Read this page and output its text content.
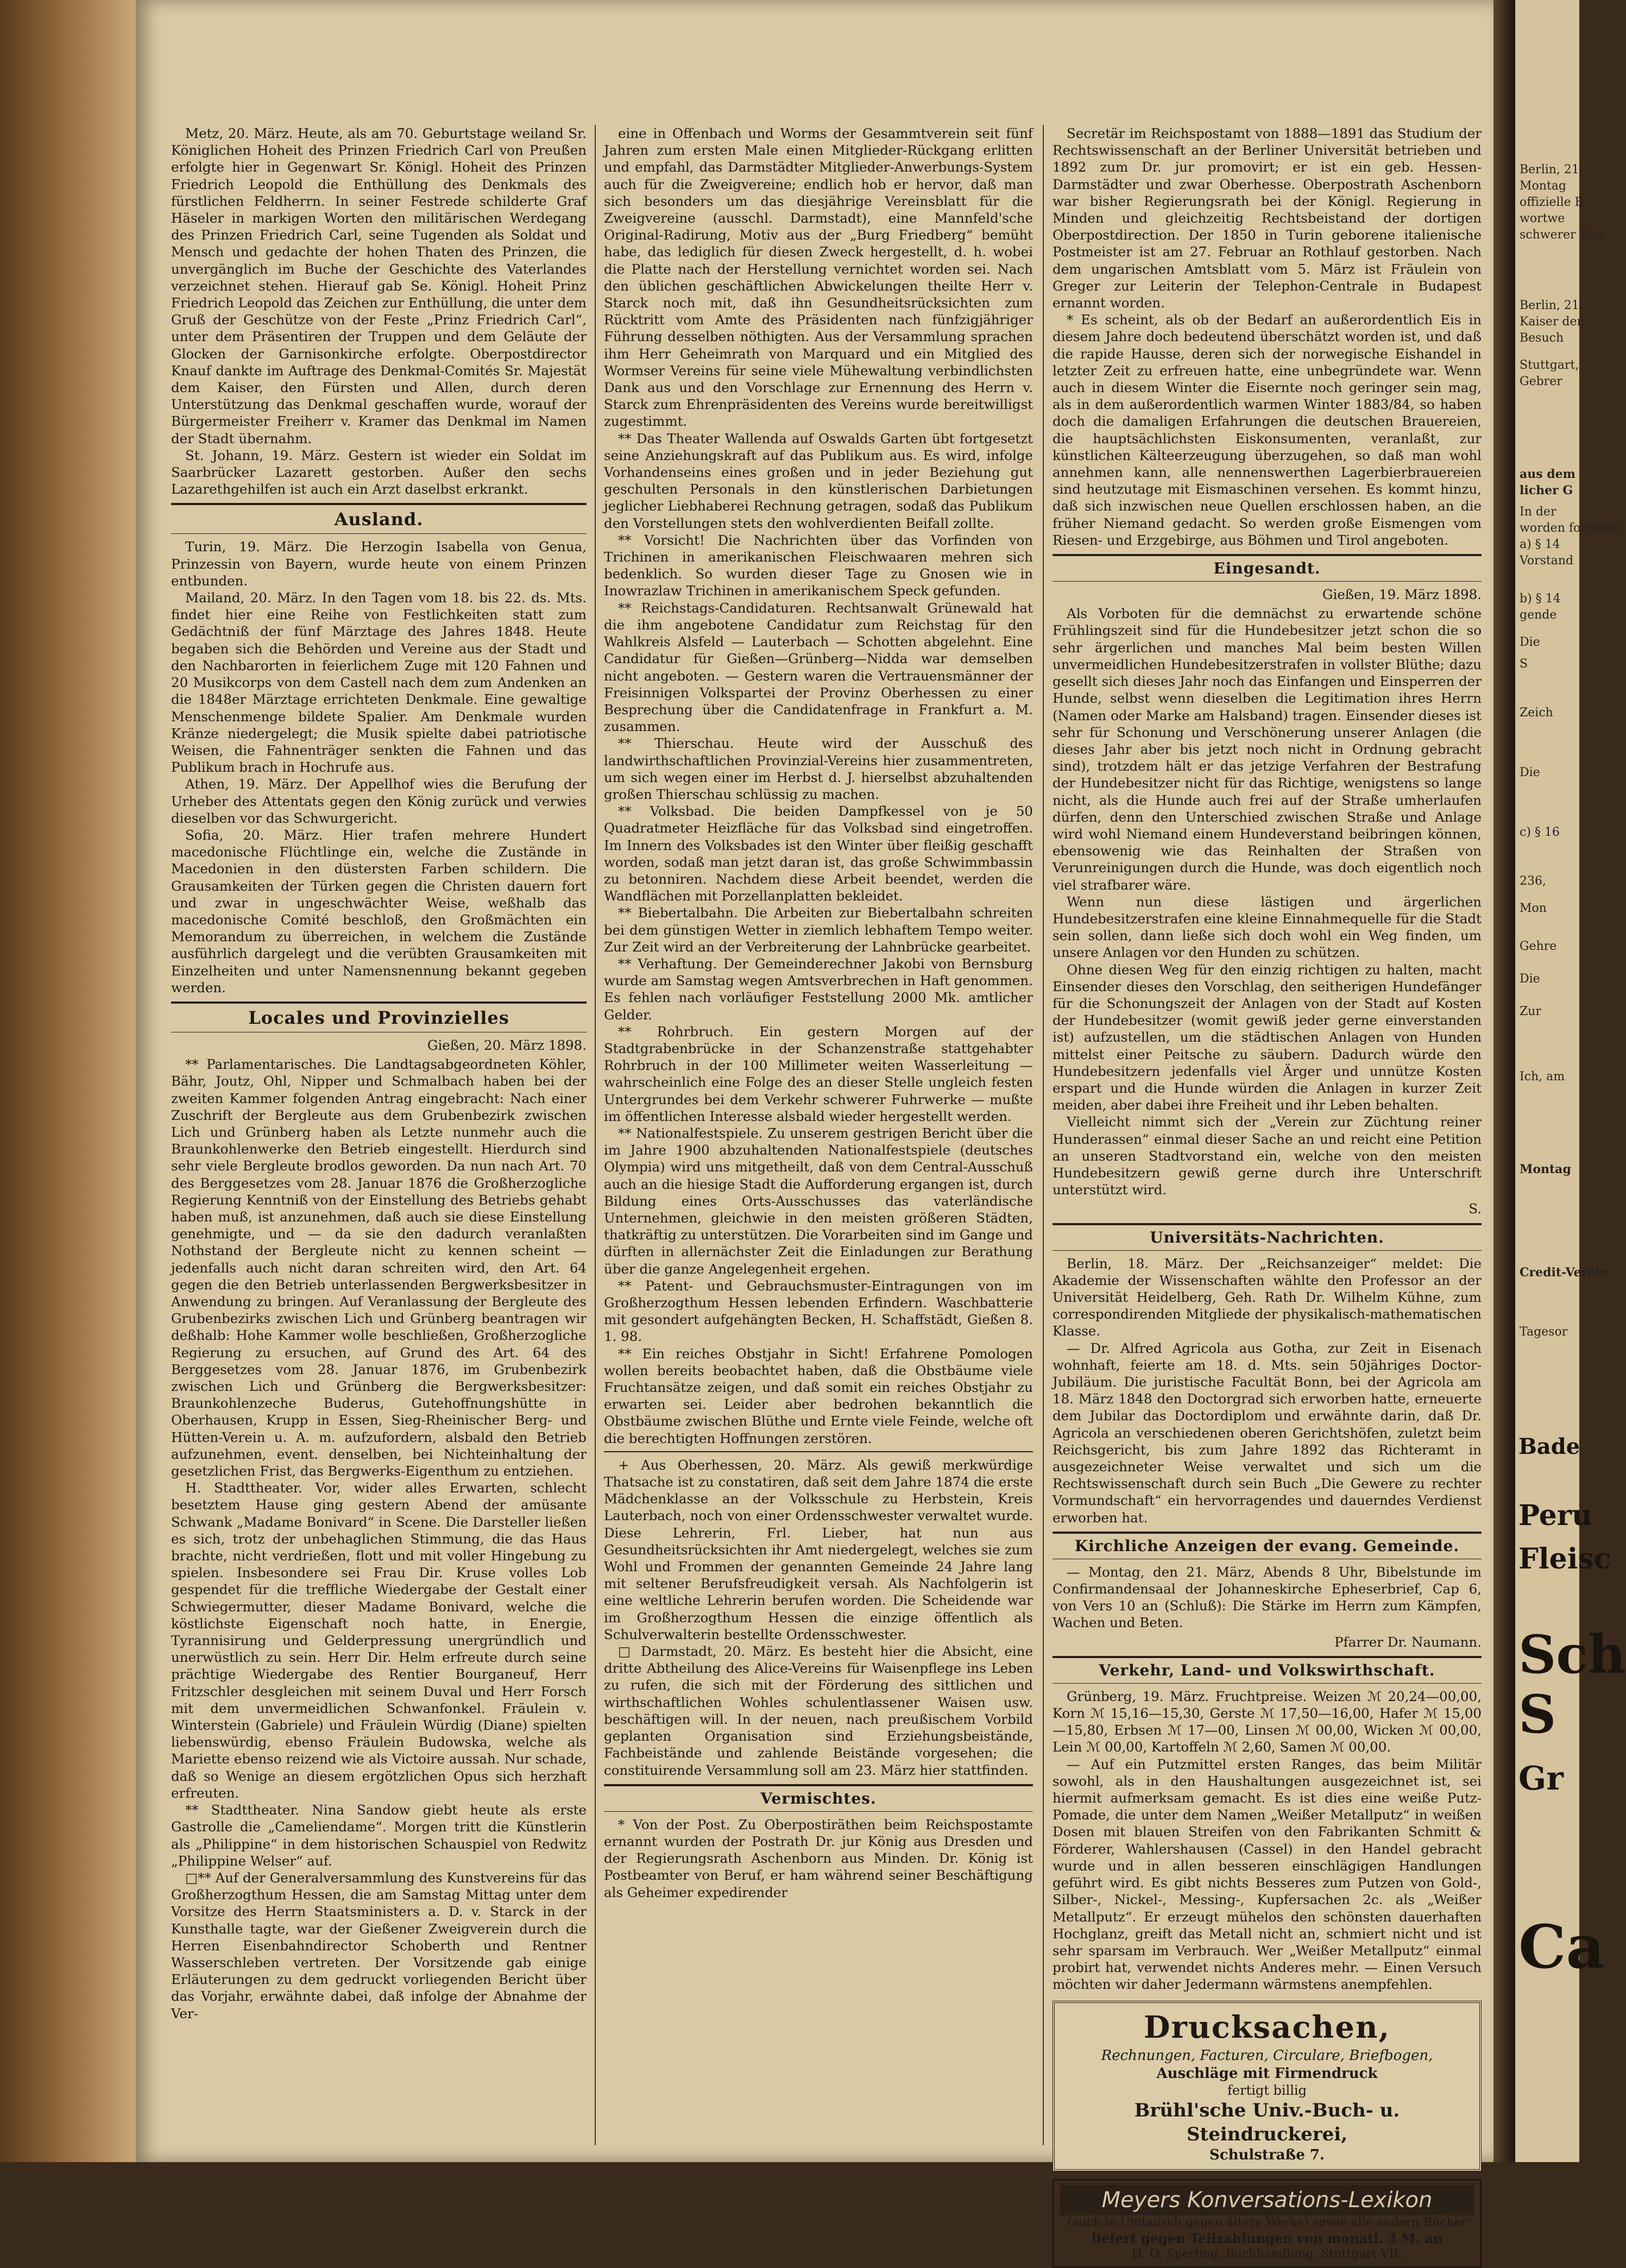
Metz, 20. März. Heute, als am 70. Geburtstage weiland Sr. Königlichen Hoheit des Prinzen Friedrich Carl von Preußen erfolgte hier in Gegenwart Sr. Königl. Hoheit des Prinzen Friedrich Leopold die Enthüllung des Denkmals des fürstlichen Feldherrn. In seiner Festrede schilderte Graf Häseler in markigen Worten den militärischen Werdegang des Prinzen Friedrich Carl, seine Tugenden als Soldat und Mensch und gedachte der hohen Thaten des Prinzen, die unvergänglich im Buche der Geschichte des Vaterlandes verzeichnet stehen. Hierauf gab Se. Königl. Hoheit Prinz Friedrich Leopold das Zeichen zur Enthüllung, die unter dem Gruß der Geschütze von der Feste „Prinz Friedrich Carl“, unter dem Präsentiren der Truppen und dem Geläute der Glocken der Garnisonkirche erfolgte. Oberpostdirector Knauf dankte im Auftrage des Denkmal-Comités Sr. Majestät dem Kaiser, den Fürsten und Allen, durch deren Unterstützung das Denkmal geschaffen wurde, worauf der Bürgermeister Freiherr v. Kramer das Denkmal im Namen der Stadt übernahm.

St. Johann, 19. März. Gestern ist wieder ein Soldat im Saarbrücker Lazarett gestorben. Außer den sechs Lazarethgehilfen ist auch ein Arzt daselbst erkrankt.

Ausland.

Turin, 19. März. Die Herzogin Isabella von Genua, Prinzessin von Bayern, wurde heute von einem Prinzen entbunden.

Mailand, 20. März. In den Tagen vom 18. bis 22. ds. Mts. findet hier eine Reihe von Festlichkeiten statt zum Gedächtniß der fünf Märztage des Jahres 1848. Heute begaben sich die Behörden und Vereine aus der Stadt und den Nachbarorten in feierlichem Zuge mit 120 Fahnen und 20 Musikcorps von dem Castell nach dem zum Andenken an die 1848er Märztage errichteten Denkmale. Eine gewaltige Menschenmenge bildete Spalier. Am Denkmale wurden Kränze niedergelegt; die Musik spielte dabei patriotische Weisen, die Fahnenträger senkten die Fahnen und das Publikum brach in Hochrufe aus.

Athen, 19. März. Der Appellhof wies die Berufung der Urheber des Attentats gegen den König zurück und verwies dieselben vor das Schwurgericht.

Sofia, 20. März. Hier trafen mehrere Hundert macedonische Flüchtlinge ein, welche die Zustände in Macedonien in den düstersten Farben schildern. Die Grausamkeiten der Türken gegen die Christen dauern fort und zwar in ungeschwächter Weise, weßhalb das macedonische Comité beschloß, den Großmächten ein Memorandum zu überreichen, in welchem die Zustände ausführlich dargelegt und die verübten Grausamkeiten mit Einzelheiten und unter Namensnennung bekannt gegeben werden.

Locales und Provinzielles
Gießen, 20. März 1898.

** Parlamentarisches. Die Landtagsabgeordneten Köhler, Bähr, Joutz, Ohl, Nipper und Schmalbach haben bei der zweiten Kammer folgenden Antrag eingebracht: Nach einer Zuschrift der Bergleute aus dem Grubenbezirk zwischen Lich und Grünberg haben als Letzte nunmehr auch die Braunkohlenwerke den Betrieb eingestellt. Hierdurch sind sehr viele Bergleute brodlos geworden. Da nun nach Art. 70 des Berggesetzes vom 28. Januar 1876 die Großherzogliche Regierung Kenntniß von der Einstellung des Betriebs gehabt haben muß, ist anzunehmen, daß auch sie diese Einstellung genehmigte, und — da sie den dadurch veranlaßten Nothstand der Bergleute nicht zu kennen scheint — jedenfalls auch nicht daran schreiten wird, den Art. 64 gegen die den Betrieb unterlassenden Bergwerksbesitzer in Anwendung zu bringen. Auf Veranlassung der Bergleute des Grubenbezirks zwischen Lich und Grünberg beantragen wir deßhalb: Hohe Kammer wolle beschließen, Großherzogliche Regierung zu ersuchen, auf Grund des Art. 64 des Berggesetzes vom 28. Januar 1876, im Grubenbezirk zwischen Lich und Grünberg die Bergwerksbesitzer: Braunkohlenzeche Buderus, Gutehoffnungshütte in Oberhausen, Krupp in Essen, Sieg-Rheinischer Berg- und Hütten-Verein u. A. m. aufzufordern, alsbald den Betrieb aufzunehmen, event. denselben, bei Nichteinhaltung der gesetzlichen Frist, das Bergwerks-Eigenthum zu entziehen.

H. Stadttheater. Vor, wider alles Erwarten, schlecht besetztem Hause ging gestern Abend der amüsante Schwank „Madame Bonivard“ in Scene. Die Darsteller ließen es sich, trotz der unbehaglichen Stimmung, die das Haus brachte, nicht verdrießen, flott und mit voller Hingebung zu spielen. Insbesondere sei Frau Dir. Kruse volles Lob gespendet für die treffliche Wiedergabe der Gestalt einer Schwiegermutter, dieser Madame Bonivard, welche die köstlichste Eigenschaft noch hatte, in Energie, Tyrannisirung und Gelderpressung unergründlich und unerwüstlich zu sein. Herr Dir. Helm erfreute durch seine prächtige Wiedergabe des Rentier Bourganeuf, Herr Fritzschler desgleichen mit seinem Duval und Herr Forsch mit dem unvermeidlichen Schwanfonkel. Fräulein v. Winterstein (Gabriele) und Fräulein Würdig (Diane) spielten liebenswürdig, ebenso Fräulein Budowska, welche als Mariette ebenso reizend wie als Victoire aussah. Nur schade, daß so Wenige an diesem ergötzlichen Opus sich herzhaft erfreuten.

** Stadttheater. Nina Sandow giebt heute als erste Gastrolle die „Cameliendame“. Morgen tritt die Künstlerin als „Philippine“ in dem historischen Schauspiel von Redwitz „Philippine Welser“ auf.

□** Auf der Generalversammlung des Kunstvereins für das Großherzogthum Hessen, die am Samstag Mittag unter dem Vorsitze des Herrn Staatsministers a. D. v. Starck in der Kunsthalle tagte, war der Gießener Zweigverein durch die Herren Eisenbahndirector Schoberth und Rentner Wasserschleben vertreten. Der Vorsitzende gab einige Erläuterungen zu dem gedruckt vorliegenden Bericht über das Vorjahr, erwähnte dabei, daß infolge der Abnahme der Ver-

eine in Offenbach und Worms der Gesammtverein seit fünf Jahren zum ersten Male einen Mitglieder-Rückgang erlitten und empfahl, das Darmstädter Mitglieder-Anwerbungs-System auch für die Zweigvereine; endlich hob er hervor, daß man sich besonders um das diesjährige Vereinsblatt für die Zweigvereine (ausschl. Darmstadt), eine Mannfeld'sche Original-Radirung, Motiv aus der „Burg Friedberg“ bemüht habe, das lediglich für diesen Zweck hergestellt, d. h. wobei die Platte nach der Herstellung vernichtet worden sei. Nach den üblichen geschäftlichen Abwickelungen theilte Herr v. Starck noch mit, daß ihn Gesundheitsrücksichten zum Rücktritt vom Amte des Präsidenten nach fünfzigjähriger Führung desselben nöthigten. Aus der Versammlung sprachen ihm Herr Geheimrath von Marquard und ein Mitglied des Wormser Vereins für seine viele Mühewaltung verbindlichsten Dank aus und den Vorschlage zur Ernennung des Herrn v. Starck zum Ehrenpräsidenten des Vereins wurde bereitwilligst zugestimmt.

** Das Theater Wallenda auf Oswalds Garten übt fortgesetzt seine Anziehungskraft auf das Publikum aus. Es wird, infolge Vorhandenseins eines großen und in jeder Beziehung gut geschulten Personals in den künstlerischen Darbietungen jeglicher Liebhaberei Rechnung getragen, sodaß das Publikum den Vorstellungen stets den wohlverdienten Beifall zollte.

** Vorsicht! Die Nachrichten über das Vorfinden von Trichinen in amerikanischen Fleischwaaren mehren sich bedenklich. So wurden dieser Tage zu Gnosen wie in Inowrazlaw Trichinen in amerikanischem Speck gefunden.

** Reichstags-Candidaturen. Rechtsanwalt Grünewald hat die ihm angebotene Candidatur zum Reichstag für den Wahlkreis Alsfeld — Lauterbach — Schotten abgelehnt. Eine Candidatur für Gießen—Grünberg—Nidda war demselben nicht angeboten. — Gestern waren die Vertrauensmänner der Freisinnigen Volkspartei der Provinz Oberhessen zu einer Besprechung über die Candidatenfrage in Frankfurt a. M. zusammen.

** Thierschau. Heute wird der Ausschuß des landwirthschaftlichen Provinzial-Vereins hier zusammentreten, um sich wegen einer im Herbst d. J. hierselbst abzuhaltenden großen Thierschau schlüssig zu machen.

** Volksbad. Die beiden Dampfkessel von je 50 Quadratmeter Heizfläche für das Volksbad sind eingetroffen. Im Innern des Volksbades ist den Winter über fleißig geschafft worden, sodaß man jetzt daran ist, das große Schwimmbassin zu betonniren. Nachdem diese Arbeit beendet, werden die Wandflächen mit Porzellanplatten bekleidet.

** Biebertalbahn. Die Arbeiten zur Biebertalbahn schreiten bei dem günstigen Wetter in ziemlich lebhaftem Tempo weiter. Zur Zeit wird an der Verbreiterung der Lahnbrücke gearbeitet.

** Verhaftung. Der Gemeinderechner Jakobi von Bernsburg wurde am Samstag wegen Amtsverbrechen in Haft genommen. Es fehlen nach vorläufiger Feststellung 2000 Mk. amtlicher Gelder.

** Rohrbruch. Ein gestern Morgen auf der Stadtgrabenbrücke in der Schanzenstraße stattgehabter Rohrbruch in der 100 Millimeter weiten Wasserleitung — wahrscheinlich eine Folge des an dieser Stelle ungleich festen Untergrundes bei dem Verkehr schwerer Fuhrwerke — mußte im öffentlichen Interesse alsbald wieder hergestellt werden.

** Nationalfestspiele. Zu unserem gestrigen Bericht über die im Jahre 1900 abzuhaltenden Nationalfestspiele (deutsches Olympia) wird uns mitgetheilt, daß von dem Central-Ausschuß auch an die hiesige Stadt die Aufforderung ergangen ist, durch Bildung eines Orts-Ausschusses das vaterländische Unternehmen, gleichwie in den meisten größeren Städten, thatkräftig zu unterstützen. Die Vorarbeiten sind im Gange und dürften in allernächster Zeit die Einladungen zur Berathung über die ganze Angelegenheit ergehen.

** Patent- und Gebrauchsmuster-Eintragungen von im Großherzogthum Hessen lebenden Erfindern. Waschbatterie mit gesondert aufgehängten Becken, H. Schaffstädt, Gießen 8. 1. 98.

** Ein reiches Obstjahr in Sicht! Erfahrene Pomologen wollen bereits beobachtet haben, daß die Obstbäume viele Fruchtansätze zeigen, und daß somit ein reiches Obstjahr zu erwarten sei. Leider aber bedrohen bekanntlich die Obstbäume zwischen Blüthe und Ernte viele Feinde, welche oft die berechtigten Hoffnungen zerstören.

+ Aus Oberhessen, 20. März. Als gewiß merkwürdige Thatsache ist zu constatiren, daß seit dem Jahre 1874 die erste Mädchenklasse an der Volksschule zu Herbstein, Kreis Lauterbach, noch von einer Ordensschwester verwaltet wurde. Diese Lehrerin, Frl. Lieber, hat nun aus Gesundheitsrücksichten ihr Amt niedergelegt, welches sie zum Wohl und Frommen der genannten Gemeinde 24 Jahre lang mit seltener Berufsfreudigkeit versah. Als Nachfolgerin ist eine weltliche Lehrerin berufen worden. Die Scheidende war im Großherzogthum Hessen die einzige öffentlich als Schulverwalterin bestellte Ordensschwester.

□ Darmstadt, 20. März. Es besteht hier die Absicht, eine dritte Abtheilung des Alice-Vereins für Waisenpflege ins Leben zu rufen, die sich mit der Förderung des sittlichen und wirthschaftlichen Wohles schulentlassener Waisen usw. beschäftigen will. In der neuen, nach preußischem Vorbild geplanten Organisation sind Erziehungsbeistände, Fachbeistände und zahlende Beistände vorgesehen; die constituirende Versammlung soll am 23. März hier stattfinden.

Vermischtes.

* Von der Post. Zu Oberpostiräthen beim Reichspostamte ernannt wurden der Postrath Dr. jur König aus Dresden und der Regierungsrath Aschenborn aus Minden. Dr. König ist Postbeamter von Beruf, er ham während seiner Beschäftigung als Geheimer expedirender

Secretär im Reichspostamt von 1888—1891 das Studium der Rechtswissenschaft an der Berliner Universität betrieben und 1892 zum Dr. jur promovirt; er ist ein geb. Hessen-Darmstädter und zwar Oberhesse. Oberpostrath Aschenborn war bisher Regierungsrath bei der Königl. Regierung in Minden und gleichzeitig Rechtsbeistand der dortigen Oberpostdirection. Der 1850 in Turin geborene italienische Postmeister ist am 27. Februar an Rothlauf gestorben. Nach dem ungarischen Amtsblatt vom 5. März ist Fräulein von Greger zur Leiterin der Telephon-Centrale in Budapest ernannt worden.

* Es scheint, als ob der Bedarf an außerordentlich Eis in diesem Jahre doch bedeutend überschätzt worden ist, und daß die rapide Hausse, deren sich der norwegische Eishandel in letzter Zeit zu erfreuen hatte, eine unbegründete war. Wenn auch in diesem Winter die Eisernte noch geringer sein mag, als in dem außerordentlich warmen Winter 1883/84, so haben doch die damaligen Erfahrungen die deutschen Brauereien, die hauptsächlichsten Eiskonsumenten, veranlaßt, zur künstlichen Kälteerzeugung überzugehen, so daß man wohl annehmen kann, alle nennenswerthen Lagerbierbrauereien sind heutzutage mit Eismaschinen versehen. Es kommt hinzu, daß sich inzwischen neue Quellen erschlossen haben, an die früher Niemand gedacht. So werden große Eismengen vom Riesen- und Erzgebirge, aus Böhmen und Tirol angeboten.

Eingesandt.
Gießen, 19. März 1898.

Als Vorboten für die demnächst zu erwartende schöne Frühlingszeit sind für die Hundebesitzer jetzt schon die so sehr ärgerlichen und manches Mal beim besten Willen unvermeidlichen Hundebesitzerstrafen in vollster Blüthe; dazu gesellt sich dieses Jahr noch das Einfangen und Einsperren der Hunde, selbst wenn dieselben die Legitimation ihres Herrn (Namen oder Marke am Halsband) tragen. Einsender dieses ist sehr für Schonung und Verschönerung unserer Anlagen (die dieses Jahr aber bis jetzt noch nicht in Ordnung gebracht sind), trotzdem hält er das jetzige Verfahren der Bestrafung der Hundebesitzer nicht für das Richtige, wenigstens so lange nicht, als die Hunde auch frei auf der Straße umherlaufen dürfen, denn den Unterschied zwischen Straße und Anlage wird wohl Niemand einem Hundeverstand beibringen können, ebensowenig wie das Reinhalten der Straßen von Verunreinigungen durch die Hunde, was doch eigentlich noch viel strafbarer wäre.

Wenn nun diese lästigen und ärgerlichen Hundebesitzerstrafen eine kleine Einnahmequelle für die Stadt sein sollen, dann ließe sich doch wohl ein Weg finden, um unsere Anlagen vor den Hunden zu schützen.

Ohne diesen Weg für den einzig richtigen zu halten, macht Einsender dieses den Vorschlag, den seitherigen Hundefänger für die Schonungszeit der Anlagen von der Stadt auf Kosten der Hundebesitzer (womit gewiß jeder gerne einverstanden ist) aufzustellen, um die städtischen Anlagen von Hunden mittelst einer Peitsche zu säubern. Dadurch würde den Hundebesitzern jedenfalls viel Ärger und unnütze Kosten erspart und die Hunde würden die Anlagen in kurzer Zeit meiden, aber dabei ihre Freiheit und ihr Leben behalten.

Vielleicht nimmt sich der „Verein zur Züchtung reiner Hunderassen“ einmal dieser Sache an und reicht eine Petition an unseren Stadtvorstand ein, welche von den meisten Hundebesitzern gewiß gerne durch ihre Unterschrift unterstützt wird.

S.
Universitäts-Nachrichten.

Berlin, 18. März. Der „Reichsanzeiger“ meldet: Die Akademie der Wissenschaften wählte den Professor an der Universität Heidelberg, Geh. Rath Dr. Wilhelm Kühne, zum correspondirenden Mitgliede der physikalisch-mathematischen Klasse.

— Dr. Alfred Agricola aus Gotha, zur Zeit in Eisenach wohnhaft, feierte am 18. d. Mts. sein 50jähriges Doctor-Jubiläum. Die juristische Facultät Bonn, bei der Agricola am 18. März 1848 den Doctorgrad sich erworben hatte, erneuerte dem Jubilar das Doctordiplom und erwähnte darin, daß Dr. Agricola an verschiedenen oberen Gerichtshöfen, zuletzt beim Reichsgericht, bis zum Jahre 1892 das Richteramt in ausgezeichneter Weise verwaltet und sich um die Rechtswissenschaft durch sein Buch „Die Gewere zu rechter Vormundschaft“ ein hervorragendes und dauerndes Verdienst erworben hat.

Kirchliche Anzeigen der evang. Gemeinde.

— Montag, den 21. März, Abends 8 Uhr, Bibelstunde im Confirmandensaal der Johanneskirche Epheserbrief, Cap 6, von Vers 10 an (Schluß): Die Stärke im Herrn zum Kämpfen, Wachen und Beten.

Pfarrer Dr. Naumann.
Verkehr, Land- und Volkswirthschaft.

Grünberg, 19. März. Fruchtpreise. Weizen ℳ 20,24—00,00, Korn ℳ 15,16—15,30, Gerste ℳ 17,50—16,00, Hafer ℳ 15,00—15,80, Erbsen ℳ 17—00, Linsen ℳ 00,00, Wicken ℳ 00,00, Lein ℳ 00,00, Kartoffeln ℳ 2,60, Samen ℳ 00,00.

— Auf ein Putzmittel ersten Ranges, das beim Militär sowohl, als in den Haushaltungen ausgezeichnet ist, sei hiermit aufmerksam gemacht. Es ist dies eine weiße Putz-Pomade, die unter dem Namen „Weißer Metallputz“ in weißen Dosen mit blauen Streifen von den Fabrikanten Schmitt & Förderer, Wahlershausen (Cassel) in den Handel gebracht wurde und in allen besseren einschlägigen Handlungen geführt wird. Es gibt nichts Besseres zum Putzen von Gold-, Silber-, Nickel-, Messing-, Kupfersachen 2c. als „Weißer Metallputz“. Er erzeugt mühelos den schönsten dauerhaften Hochglanz, greift das Metall nicht an, schmiert nicht und ist sehr sparsam im Verbrauch. Wer „Weißer Metallputz“ einmal probirt hat, verwendet nichts Anderes mehr. — Einen Versuch möchten wir daher Jedermann wärmstens anempfehlen.

Drucksachen,
Rechnungen, Facturen, Circulare, Briefbogen,
Auschläge mit Firmendruck
fertigt billig
Brühl'sche Univ.-Buch- u. Steindruckerei,
Schulstraße 7.
Meyers Konversations-Lexikon
(auch in Umtausch gegen ältere Werke) sowie alle andern Bücher
liefert gegen Teilzahlungen von monatl. 3 M. an
H. O. Sperling, Buchhandlung, Stuttgart VII.
Berlin, 21.
Montag
offizielle B
wortwe
schwerer Tote
Berlin, 21.
Kaiser den
Besuch
Stuttgart,
Gebrer
aus dem
licher G
In der
worden folgende
a) § 14
Vorstand
b) § 14
gende
Die
S
Zeich
Die
c) § 16
236,
Mon
Gehre
Die
Zur
Ich, am
Montag
Credit-Verein
Tagesor
Bade
Peru
Fleisc
Sch
S
Gr
Ca
